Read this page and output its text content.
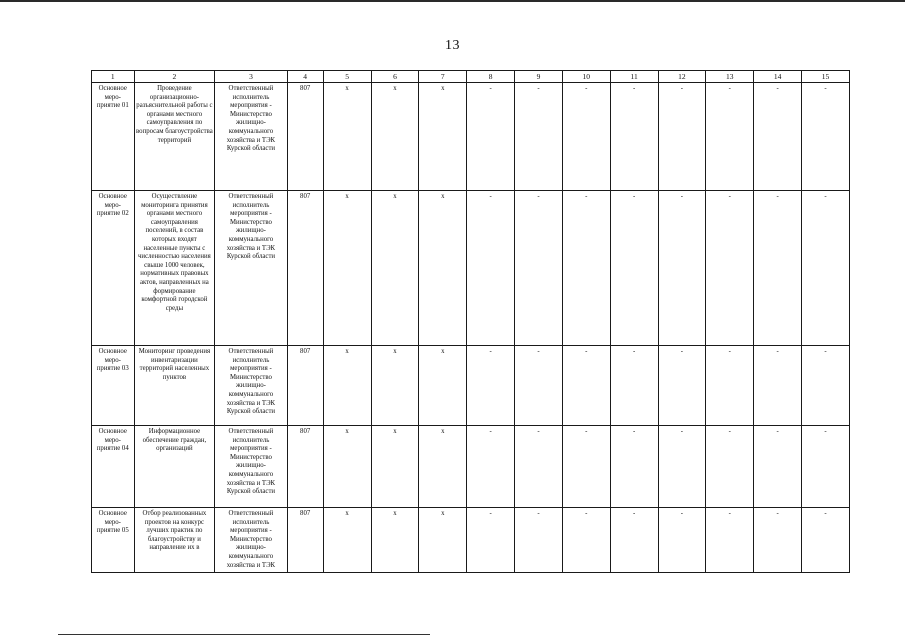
13
1	2	3	4	5	6	7	8	9	10	11	12	13	14	15
Основное меро-приятие 01	Проведение организационно-разъяснительной работы с органами местного самоуправления по вопросам благоустройства территорий	Ответственный исполнитель мероприятия - Министерство жилищно-коммунального хозяйства и ТЭК Курской области	807	х	х	х	-	-	-	-	-	-	-	-
Основное меро-приятие 02	Осуществление мониторинга принятия органами местного самоуправления поселений, в состав которых входят населенные пункты с численностью населения свыше 1000 человек, нормативных правовых актов, направленных на формирование комфортной городской среды	Ответственный исполнитель мероприятия - Министерство жилищно-коммунального хозяйства и ТЭК Курской области	807	х	х	х	-	-	-	-	-	-	-	-
Основное меро-приятие 03	Мониторинг проведения инвентаризации территорий населенных пунктов	Ответственный исполнитель мероприятия - Министерство жилищно-коммунального хозяйства и ТЭК Курской области	807	х	х	х	-	-	-	-	-	-	-	-
Основное меро-приятие 04	Информационное обеспечение граждан, организаций	Ответственный исполнитель мероприятия - Министерство жилищно-коммунального хозяйства и ТЭК Курской области	807	х	х	х	-	-	-	-	-	-	-	-
Основное меро-приятие 05	Отбор реализованных проектов на конкурс лучших практик по благоустройству и направление их в	Ответственный исполнитель мероприятия - Министерство жилищно-коммунального хозяйства и ТЭК	807	х	х	х	-	-	-	-	-	-	-	-
